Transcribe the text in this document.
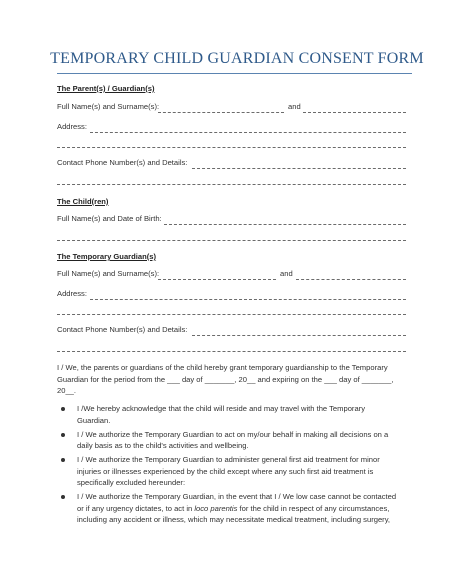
TEMPORARY CHILD GUARDIAN CONSENT FORM
The Parent(s) / Guardian(s)
Full Name(s) and Surname(s):	and
Address:
Contact Phone Number(s) and Details:
The Child(ren)
Full Name(s) and Date of Birth:
The Temporary Guardian(s)
Full Name(s) and Surname(s):	and
Address:
Contact Phone Number(s) and Details:
I / We, the parents or guardians of the child hereby grant temporary guardianship to the Temporary
Guardian for the period from the ___ day of _______, 20__ and expiring on the ___ day of _______,
20__.
I /We hereby acknowledge that the child will reside and may travel with the Temporary
Guardian.
I / We authorize the Temporary Guardian to act on my/our behalf in making all decisions on a
daily basis as to the child's activities and wellbeing.
I / We authorize the Temporary Guardian to administer general first aid treatment for minor
injuries or illnesses experienced by the child except where any such first aid treatment is
specifically excluded hereunder:
I / We authorize the Temporary Guardian, in the event that I / We low case cannot be contacted
or if any urgency dictates, to act in loco parentis for the child in respect of any circumstances,
including any accident or illness, which may necessitate medical treatment, including surgery,
